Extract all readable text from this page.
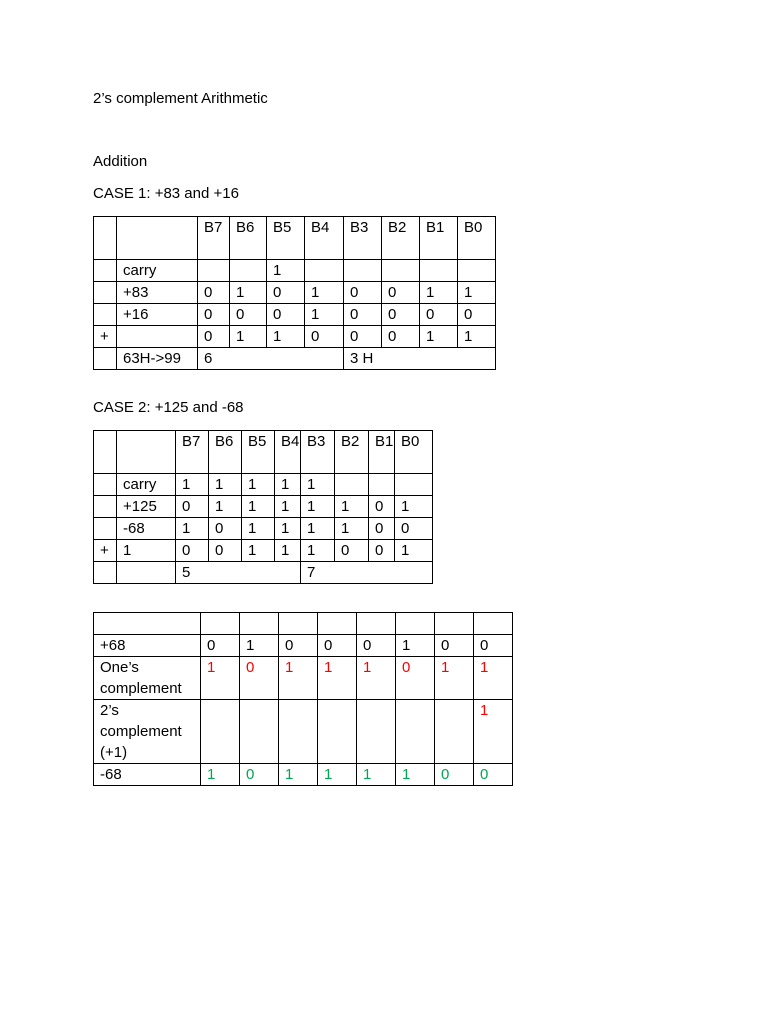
2’s complement Arithmetic
Addition
CASE 1: +83 and +16
		B7	B6	B5	B4	B3	B2	B1	B0
	carry			1					
	+83	0	1	0	1	0	0	1	1
	+16	0	0	0	1	0	0	0	0
+		0	1	1	0	0	0	1	1
	63H->99	6				3 H			
CASE 2: +125 and -68
		B7	B6	B5	B4	B3	B2	B1	B0
	carry	1	1	1	1	1			
	+125	0	1	1	1	1	1	0	1
	-68	1	0	1	1	1	1	0	0
+	1	0	0	1	1	1	0	0	1
		5				7			

+68	0	1	0	0	0	1	0	0
One’s complement	1	0	1	1	1	0	1	1
2’s complement (+1)								1
-68	1	0	1	1	1	1	0	0
